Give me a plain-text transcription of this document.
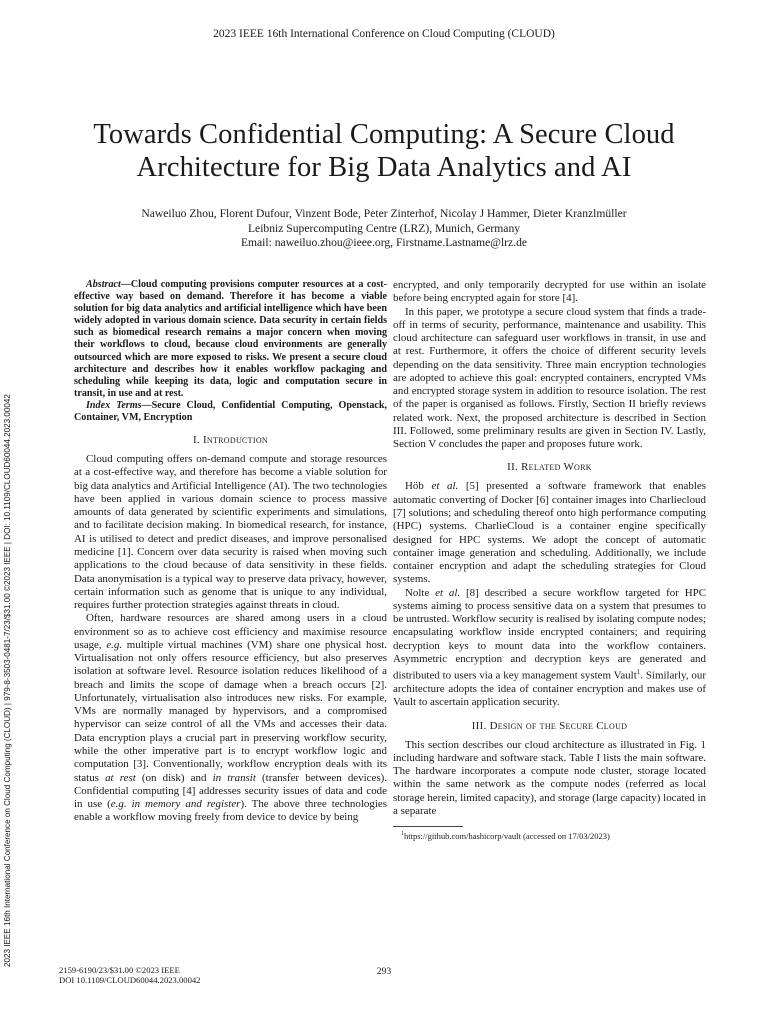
2023 IEEE 16th International Conference on Cloud Computing (CLOUD)

Towards Confidential Computing: A Secure Cloud
Architecture for Big Data Analytics and AI

Naweiluo Zhou, Florent Dufour, Vinzent Bode, Peter Zinterhof, Nicolay J Hammer, Dieter Kranzlmüller

Leibniz Supercomputing Centre (LRZ), Munich, Germany

Email: naweiluo.zhou@ieee.org, Firstname.Lastname@lrz.de

2023 IEEE 16th International Conference on Cloud Computing (CLOUD) | 979-8-3503-0481-7/23/$31.00 ©2023 IEEE | DOI: 10.1109/CLOUD60044.2023.00042

Abstract—Cloud computing provisions computer resources at a cost-effective way based on demand. Therefore it has become a viable solution for big data analytics and artificial intelligence which have been widely adopted in various domain science. Data security in certain fields such as biomedical research remains a major concern when moving their workflows to cloud, because cloud environments are generally outsourced which are more exposed to risks. We present a secure cloud architecture and describes how it enables workflow packaging and scheduling while keeping its data, logic and computation secure in transit, in use and at rest.

Index Terms—Secure Cloud, Confidential Computing, Openstack, Container, VM, Encryption

I. Introduction

Cloud computing offers on-demand compute and storage resources at a cost-effective way, and therefore has become a viable solution for big data analytics and Artificial Intelligence (AI). The two technologies have been applied in various domain science to process massive amounts of data generated by scientific experiments and simulations, and to facilitate decision making. In biomedical research, for instance, AI is utilised to detect and predict diseases, and improve personalised medicine [1]. Concern over data security is raised when moving such applications to the cloud because of data sensitivity in these fields. Data anonymisation is a typical way to preserve data privacy, however, certain information such as genome that is unique to any individual, requires further protection strategies against threats in cloud.

Often, hardware resources are shared among users in a cloud environment so as to achieve cost efficiency and maximise resource usage, e.g. multiple virtual machines (VM) share one physical host. Virtualisation not only offers resource efficiency, but also preserves isolation at software level. Resource isolation reduces likelihood of a breach and limits the scope of damage when a breach occurs [2]. Unfortunately, virtualisation also introduces new risks. For example, VMs are normally managed by hypervisors, and a compromised hypervisor can seize control of all the VMs and accesses their data. Data encryption plays a crucial part in preserving workflow security, while the other imperative part is to encrypt workflow logic and computation [3]. Conventionally, workflow encryption deals with its status at rest (on disk) and in transit (transfer between devices). Confidential computing [4] addresses security issues of data and code in use (e.g. in memory and register). The above three technologies enable a workflow moving freely from device to device by being

encrypted, and only temporarily decrypted for use within an isolate before being encrypted again for store [4].

In this paper, we prototype a secure cloud system that finds a trade-off in terms of security, performance, maintenance and usability. This cloud architecture can safeguard user workflows in transit, in use and at rest. Furthermore, it offers the choice of different security levels depending on the data sensitivity. Three main encryption technologies are adopted to achieve this goal: encrypted containers, encrypted VMs and encrypted storage system in addition to resource isolation. The rest of the paper is organised as follows. Firstly, Section II briefly reviews related work. Next, the proposed architecture is described in Section III. Followed, some preliminary results are given in Section IV. Lastly, Section V concludes the paper and proposes future work.

II. Related Work

Höb et al. [5] presented a software framework that enables automatic converting of Docker [6] container images into Charliecloud [7] solutions; and scheduling thereof onto high performance computing (HPC) systems. CharlieCloud is a container engine specifically designed for HPC systems. We adopt the concept of automatic container image generation and scheduling. Additionally, we include container encryption and adapt the scheduling strategies for Cloud systems.

Nolte et al. [8] described a secure workflow targeted for HPC systems aiming to process sensitive data on a system that presumes to be untrusted. Workflow security is realised by isolating compute nodes; encapsulating workflow inside encrypted containers; and requiring decryption keys to mount data into the workflow containers. Asymmetric encryption and decryption keys are generated and distributed to users via a key management system Vault$^1$. Similarly, our architecture adopts the idea of container encryption and makes use of Vault to ascertain application security.

III. Design of the Secure Cloud

This section describes our cloud architecture as illustrated in Fig. 1 including hardware and software stack. Table I lists the main software. The hardware incorporates a compute node cluster, storage located within the same network as the compute nodes (referred as local storage herein, limited capacity), and storage (large capacity) located in a separate

$^1$https://github.com/hashicorp/vault (accessed on 17/03/2023)

2159-6190/23/$31.00 ©2023 IEEE

DOI 10.1109/CLOUD60044.2023.00042

293
